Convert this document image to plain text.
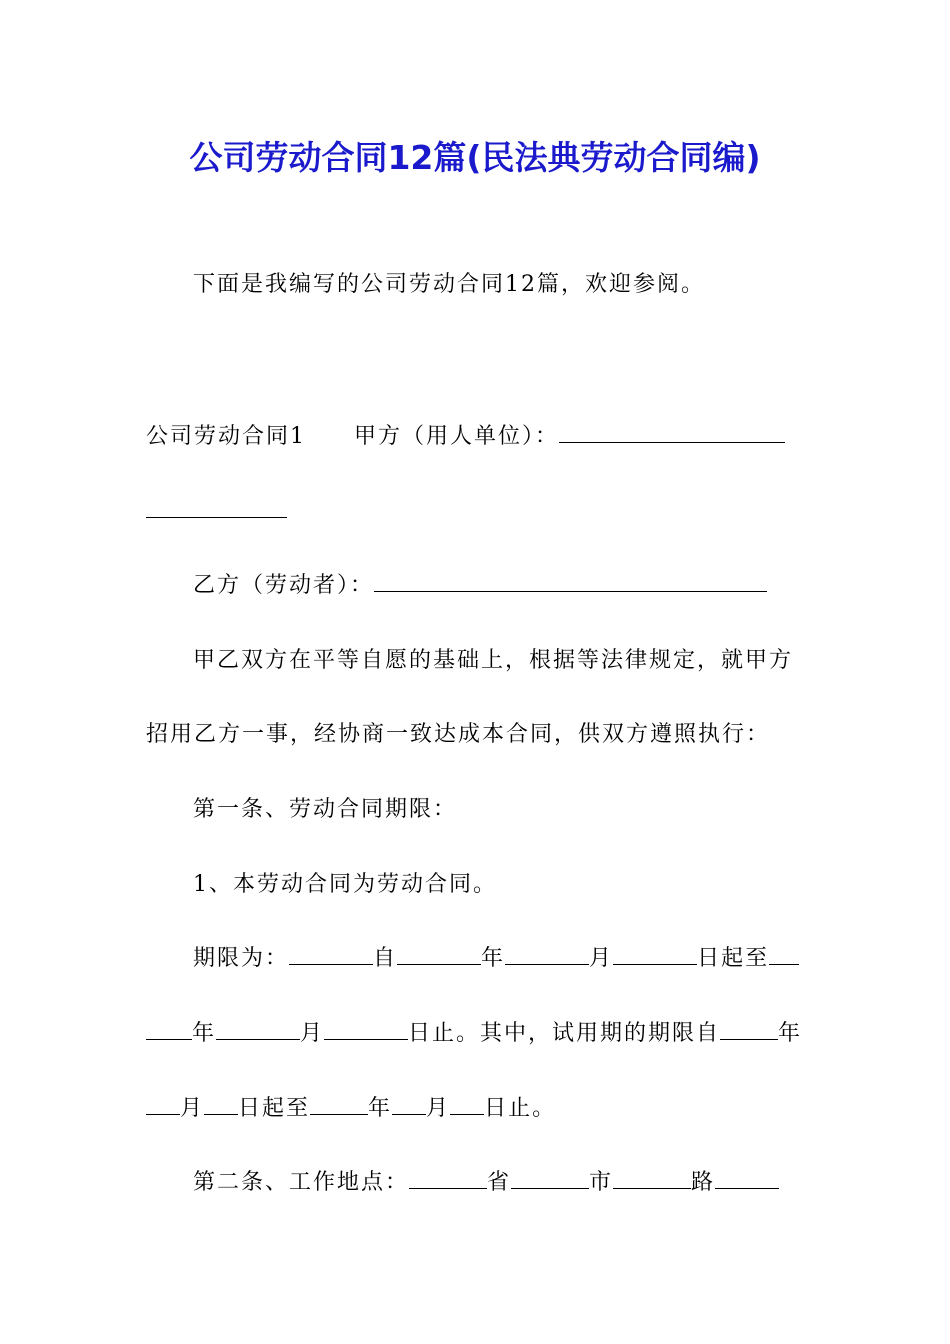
公司劳动合同12篇(民法典劳动合同编)
下面是我编写的公司劳动合同12篇，欢迎参阅。
公司劳动合同1 甲方（用人单位）：
乙方（劳动者）：
甲乙双方在平等自愿的基础上，根据等法律规定，就甲方
招用乙方一事，经协商一致达成本合同，供双方遵照执行：
第一条、劳动合同期限：
1、本劳动合同为劳动合同。
期限为：	自	年	月	日起至
年	月	日止。其中，试用期的期限自	年
月 日起至	年 月 日止。
第二条、工作地点：	省	市	路
